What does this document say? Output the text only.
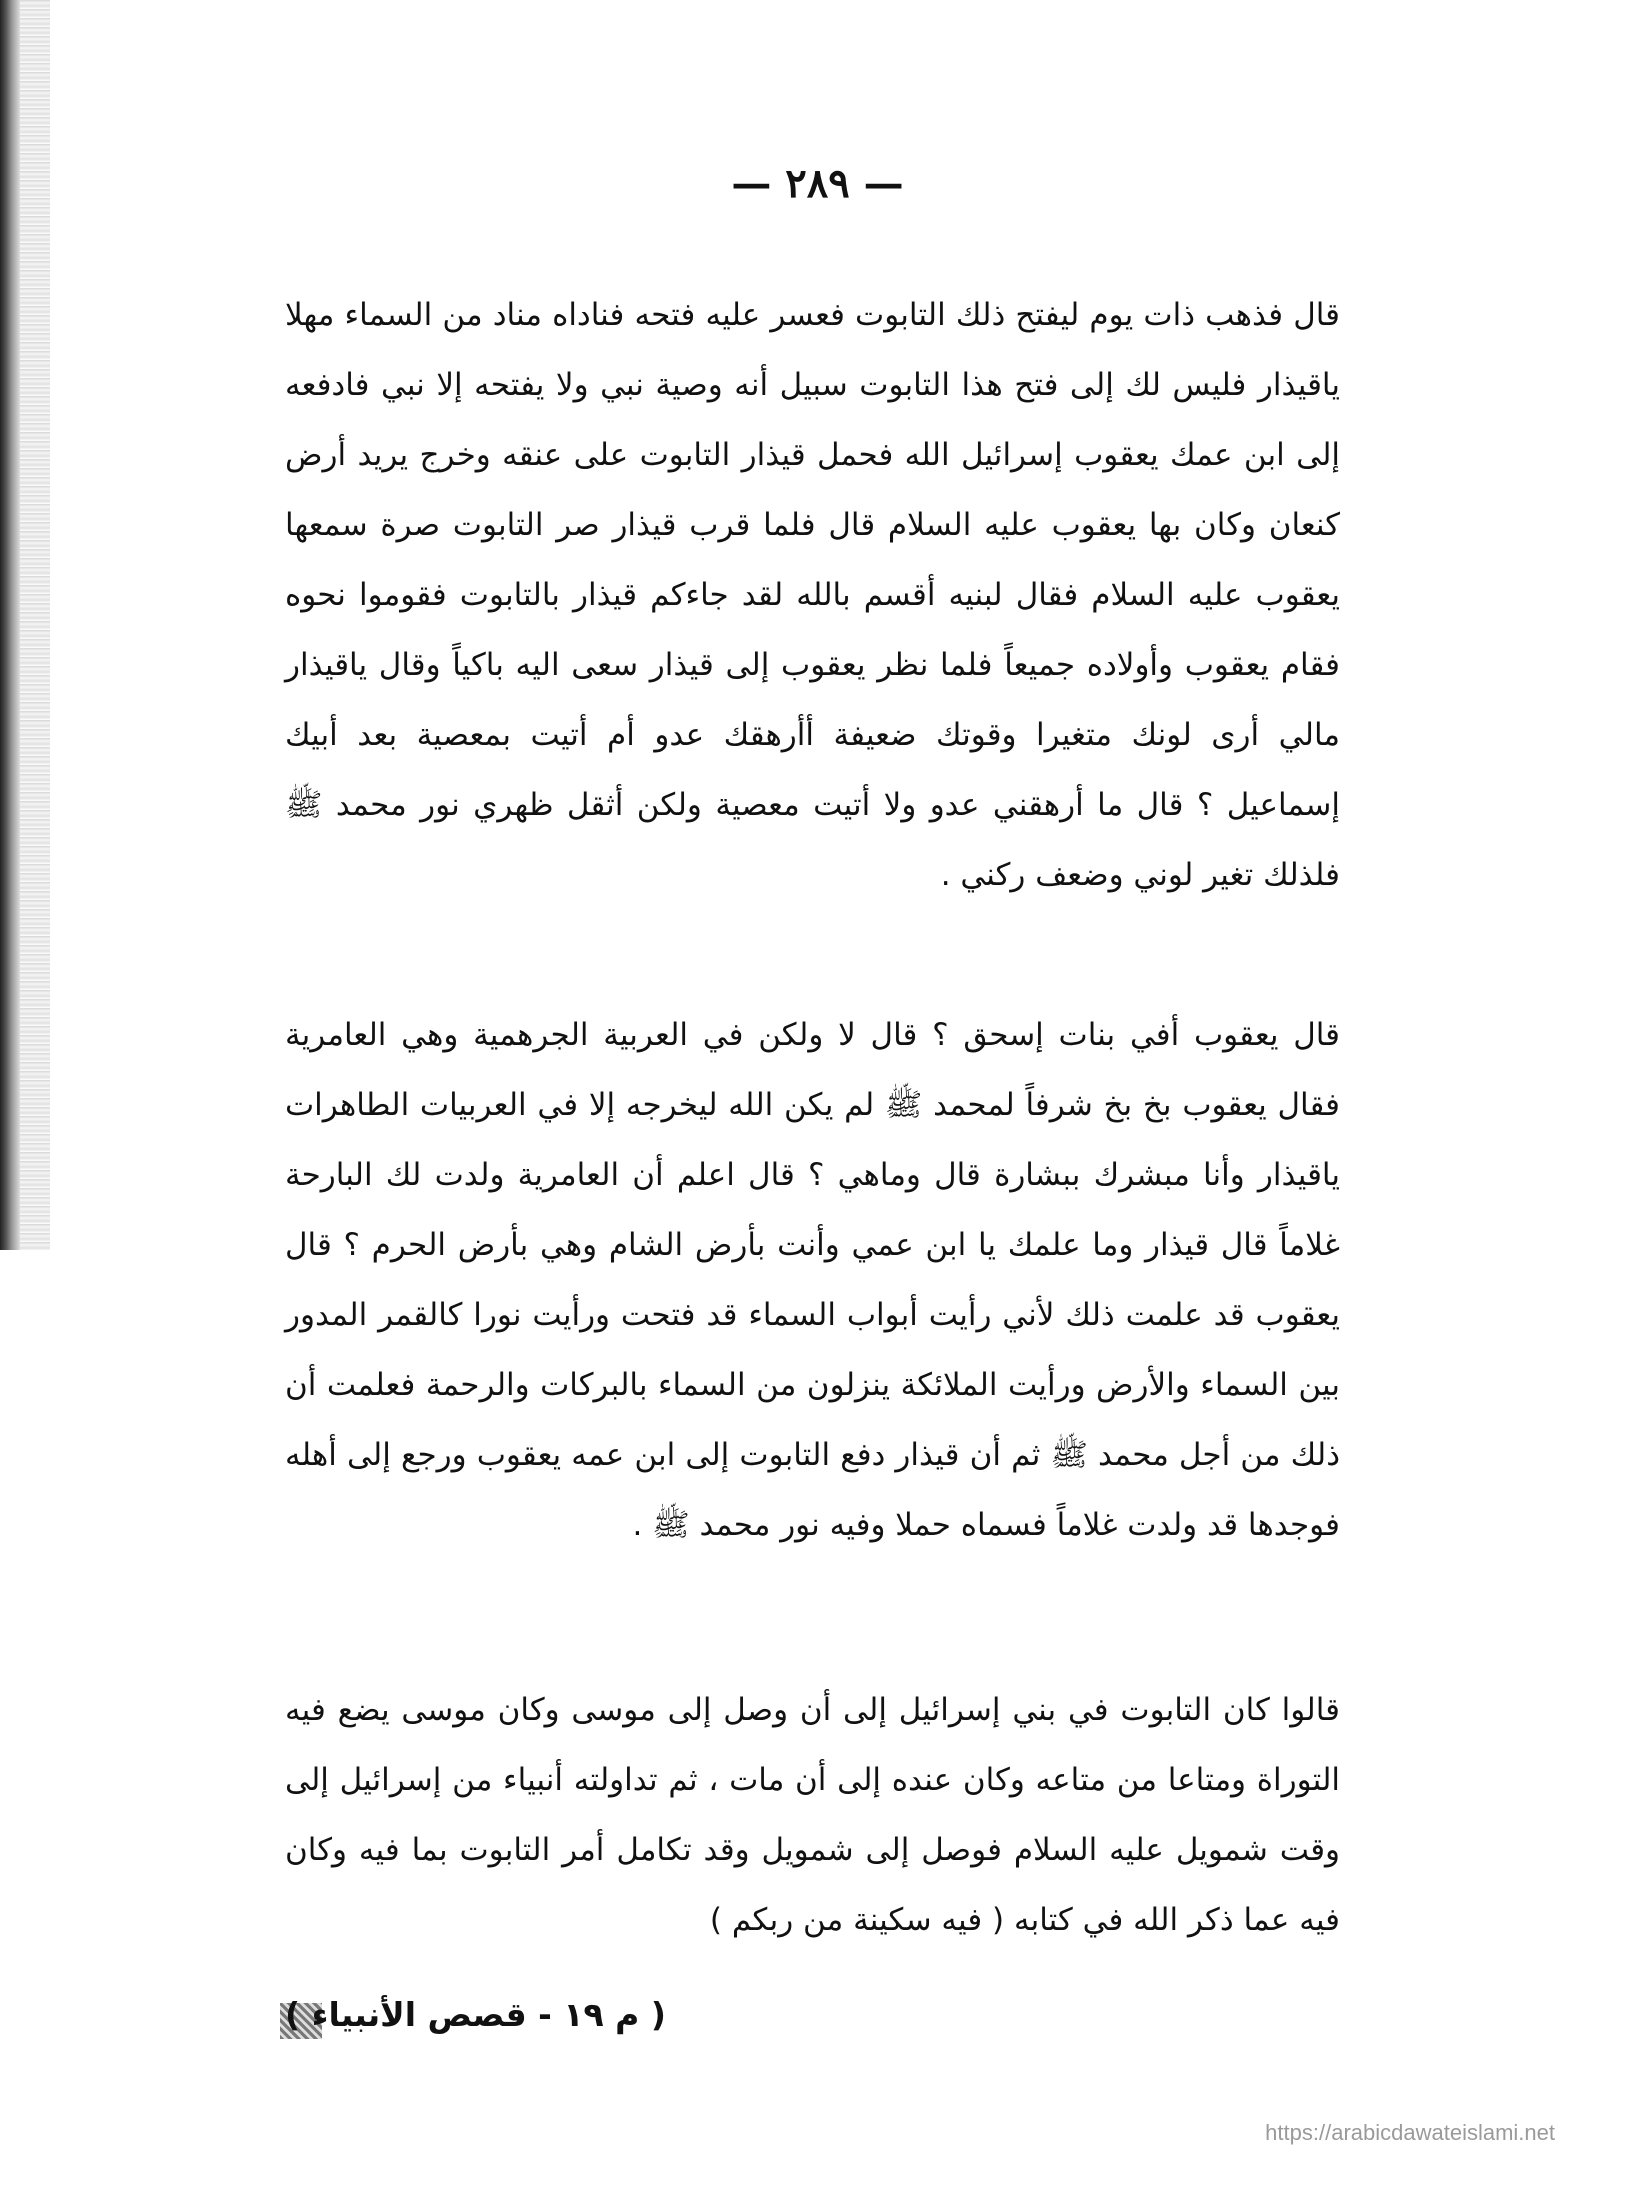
— ٢٨٩ —
قال فذهب ذات يوم ليفتح ذلك التابوت فعسر عليه فتحه فناداه مناد من السماء مهلا ياقيذار فليس لك إلى فتح هذا التابوت سبيل أنه وصية نبي ولا يفتحه إلا نبي فادفعه إلى ابن عمك يعقوب إسرائيل الله فحمل قيذار التابوت على عنقه وخرج يريد أرض كنعان وكان بها يعقوب عليه السلام قال فلما قرب قيذار صر التابوت صرة سمعها يعقوب عليه السلام فقال لبنيه أقسم بالله لقد جاءكم قيذار بالتابوت فقوموا نحوه فقام يعقوب وأولاده جميعاً فلما نظر يعقوب إلى قيذار سعى اليه باكياً وقال ياقيذار مالي أرى لونك متغيرا وقوتك ضعيفة أأرهقك عدو أم أتيت بمعصية بعد أبيك إسماعيل ؟ قال ما أرهقني عدو ولا أتيت معصية ولكن أثقل ظهري نور محمد ﷺ فلذلك تغير لوني وضعف ركني .
قال يعقوب أفي بنات إسحق ؟ قال لا ولكن في العربية الجرهمية وهي العامرية فقال يعقوب بخ بخ شرفاً لمحمد ﷺ لم يكن الله ليخرجه إلا في العربيات الطاهرات ياقيذار وأنا مبشرك ببشارة قال وماهي ؟ قال اعلم أن العامرية ولدت لك البارحة غلاماً قال قيذار وما علمك يا ابن عمي وأنت بأرض الشام وهي بأرض الحرم ؟ قال يعقوب قد علمت ذلك لأني رأيت أبواب السماء قد فتحت ورأيت نورا كالقمر المدور بين السماء والأرض ورأيت الملائكة ينزلون من السماء بالبركات والرحمة فعلمت أن ذلك من أجل محمد ﷺ ثم أن قيذار دفع التابوت إلى ابن عمه يعقوب ورجع إلى أهله فوجدها قد ولدت غلاماً فسماه حملا وفيه نور محمد ﷺ .
قالوا كان التابوت في بني إسرائيل إلى أن وصل إلى موسى وكان موسى يضع فيه التوراة ومتاعا من متاعه وكان عنده إلى أن مات ، ثم تداولته أنبياء من إسرائيل إلى وقت شمويل عليه السلام فوصل إلى شمويل وقد تكامل أمر التابوت بما فيه وكان فيه عما ذكر الله في كتابه ( فيه سكينة من ربكم )
( م ١٩ - قصص الأنبياء )
https://arabicdawateislami.net
